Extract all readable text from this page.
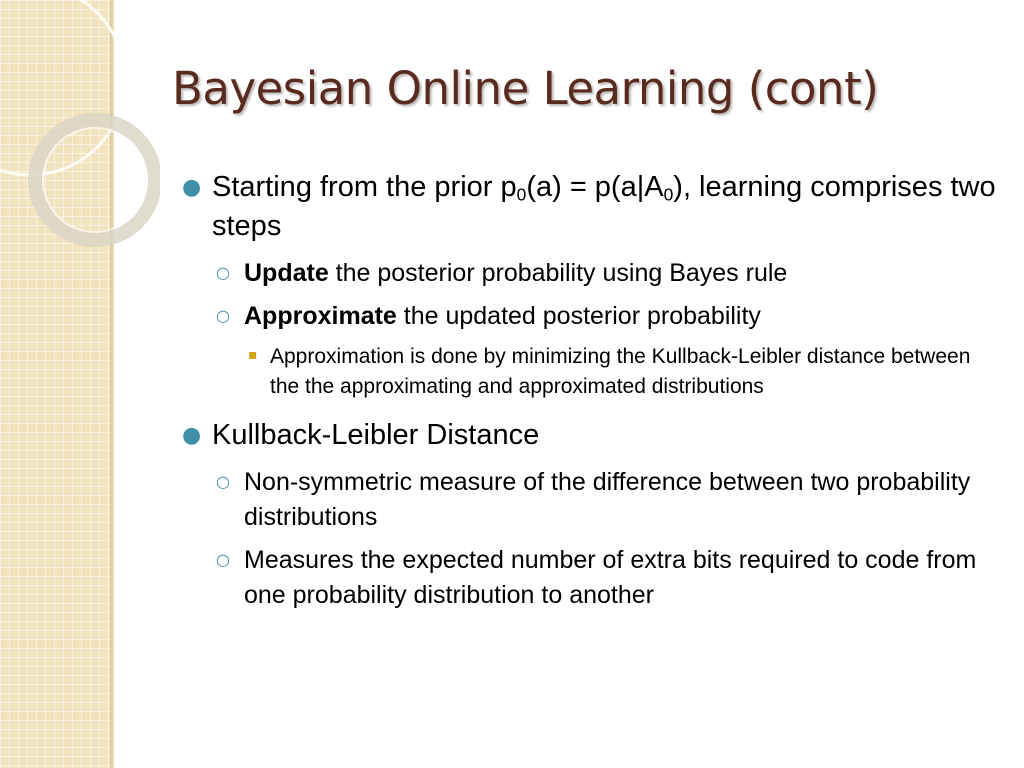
Bayesian Online Learning (cont)
● Starting from the prior $p_0(a) = p(a|A_0)$, learning comprises two steps
○ Update the posterior probability using Bayes rule
○ Approximate the updated posterior probability
▪ Approximation is done by minimizing the Kullback-Leibler distance between the the approximating and approximated distributions
● Kullback-Leibler Distance
○ Non-symmetric measure of the difference between two probability distributions
○ Measures the expected number of extra bits required to code from one probability distribution to another
